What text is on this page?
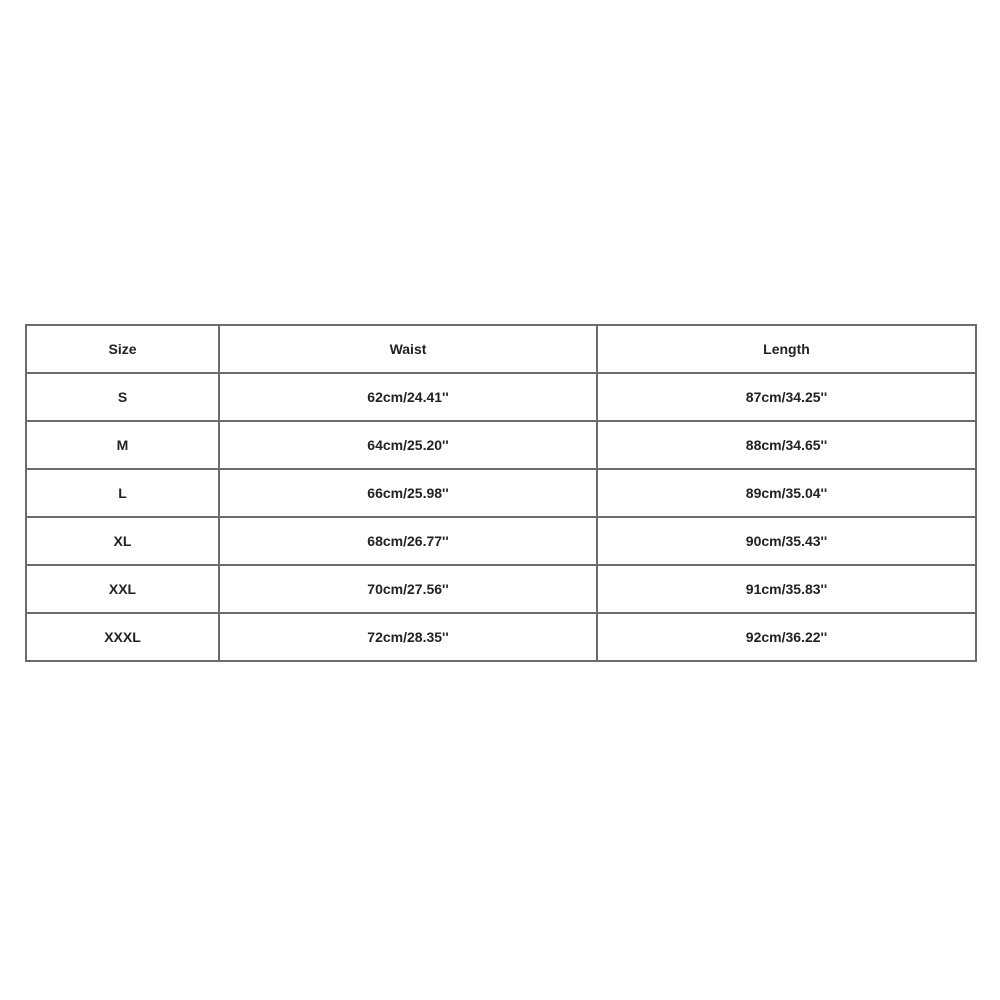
Size	Waist	Length
S	62cm/24.41''	87cm/34.25''
M	64cm/25.20''	88cm/34.65''
L	66cm/25.98''	89cm/35.04''
XL	68cm/26.77''	90cm/35.43''
XXL	70cm/27.56''	91cm/35.83''
XXXL	72cm/28.35''	92cm/36.22''
